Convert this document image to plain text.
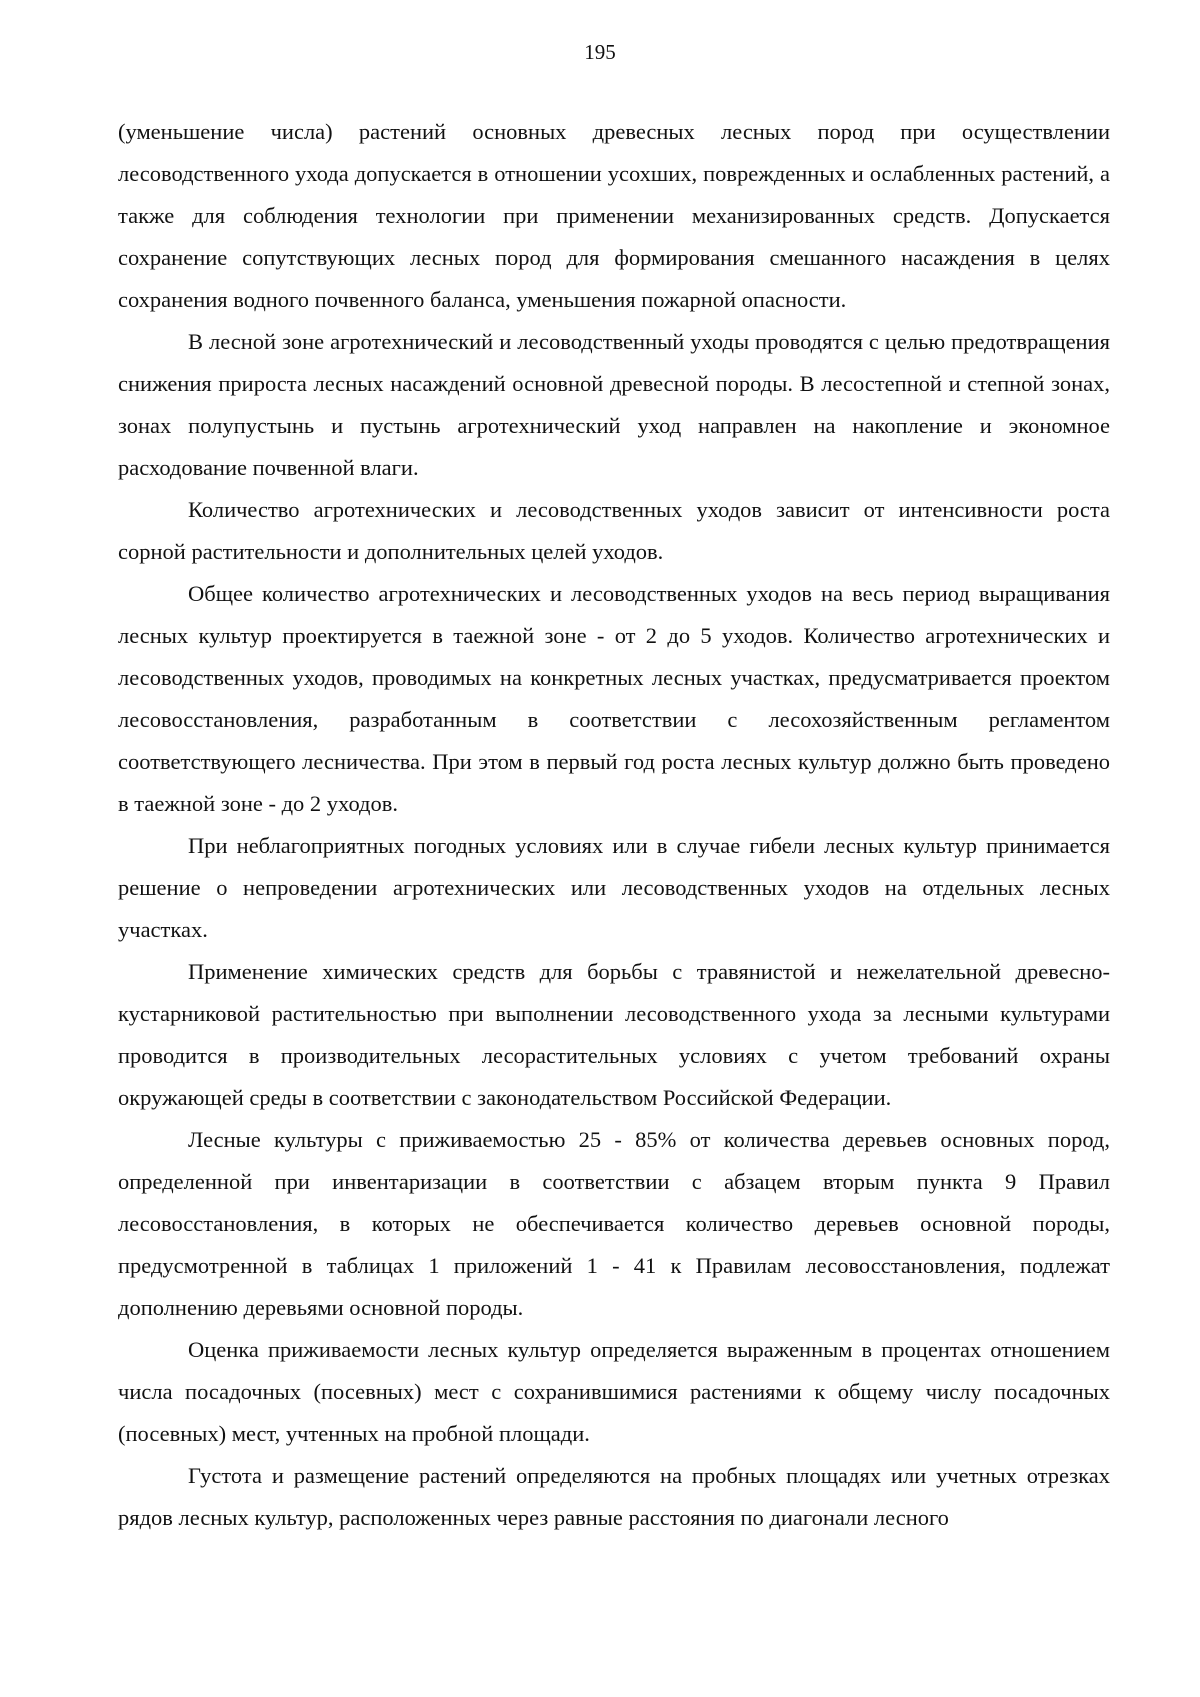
195

(уменьшение числа) растений основных древесных лесных пород при осуществлении лесоводственного ухода допускается в отношении усохших, поврежденных и ослабленных растений, а также для соблюдения технологии при применении механизированных средств. Допускается сохранение сопутствующих лесных пород для формирования смешанного насаждения в целях сохранения водного почвенного баланса, уменьшения пожарной опасности.

В лесной зоне агротехнический и лесоводственный уходы проводятся с целью предотвращения снижения прироста лесных насаждений основной древесной породы. В лесостепной и степной зонах, зонах полупустынь и пустынь агротехнический уход направлен на накопление и экономное расходование почвенной влаги.

Количество агротехнических и лесоводственных уходов зависит от интенсивности роста сорной растительности и дополнительных целей уходов.

Общее количество агротехнических и лесоводственных уходов на весь период выращивания лесных культур проектируется в таежной зоне - от 2 до 5 уходов. Количество агротехнических и лесоводственных уходов, проводимых на конкретных лесных участках, предусматривается проектом лесовосстановления, разработанным в соответствии с лесохозяйственным регламентом соответствующего лесничества. При этом в первый год роста лесных культур должно быть проведено в таежной зоне - до 2 уходов.

При неблагоприятных погодных условиях или в случае гибели лесных культур принимается решение о непроведении агротехнических или лесоводственных уходов на отдельных лесных участках.

Применение химических средств для борьбы с травянистой и нежелательной древесно-кустарниковой растительностью при выполнении лесоводственного ухода за лесными культурами проводится в производительных лесорастительных условиях с учетом требований охраны окружающей среды в соответствии с законодательством Российской Федерации.

Лесные культуры с приживаемостью 25 - 85% от количества деревьев основных пород, определенной при инвентаризации в соответствии с абзацем вторым пункта 9 Правил лесовосстановления, в которых не обеспечивается количество деревьев основной породы, предусмотренной в таблицах 1 приложений 1 - 41 к Правилам лесовосстановления, подлежат дополнению деревьями основной породы.

Оценка приживаемости лесных культур определяется выраженным в процентах отношением числа посадочных (посевных) мест с сохранившимися растениями к общему числу посадочных (посевных) мест, учтенных на пробной площади.

Густота и размещение растений определяются на пробных площадях или учетных отрезках рядов лесных культур, расположенных через равные расстояния по диагонали лесного
